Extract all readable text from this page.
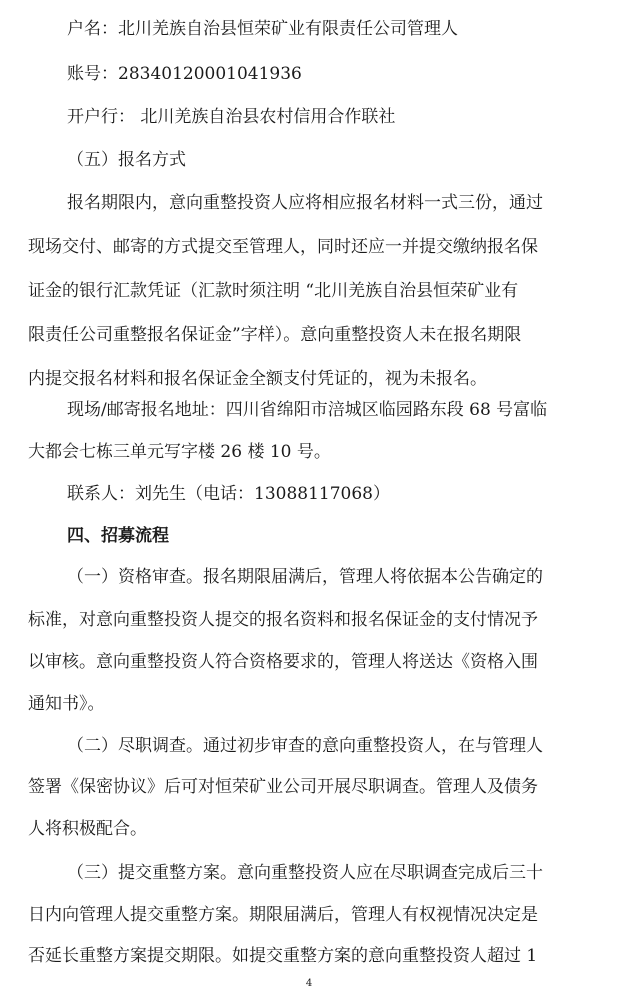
户名：北川羌族自治县恒荣矿业有限责任公司管理人
账号：28340120001041936
开户行： 北川羌族自治县农村信用合作联社
（五）报名方式
报名期限内，意向重整投资人应将相应报名材料一式三份，通过
现场交付、邮寄的方式提交至管理人，同时还应一并提交缴纳报名保
证金的银行汇款凭证（汇款时须注明 “北川羌族自治县恒荣矿业有
限责任公司重整报名保证金”字样）。意向重整投资人未在报名期限
内提交报名材料和报名保证金全额支付凭证的，视为未报名。
现场/邮寄报名地址：四川省绵阳市涪城区临园路东段 68 号富临
大都会七栋三单元写字楼 26 楼 10 号。
联系人：刘先生（电话：13088117068）
四、招募流程
（一）资格审查。报名期限届满后，管理人将依据本公告确定的
标准，对意向重整投资人提交的报名资料和报名保证金的支付情况予
以审核。意向重整投资人符合资格要求的，管理人将送达《资格入围
通知书》。
（二）尽职调查。通过初步审查的意向重整投资人，在与管理人
签署《保密协议》后可对恒荣矿业公司开展尽职调查。管理人及债务
人将积极配合。
（三）提交重整方案。意向重整投资人应在尽职调查完成后三十
日内向管理人提交重整方案。期限届满后，管理人有权视情况决定是
否延长重整方案提交期限。如提交重整方案的意向重整投资人超过 1
4
